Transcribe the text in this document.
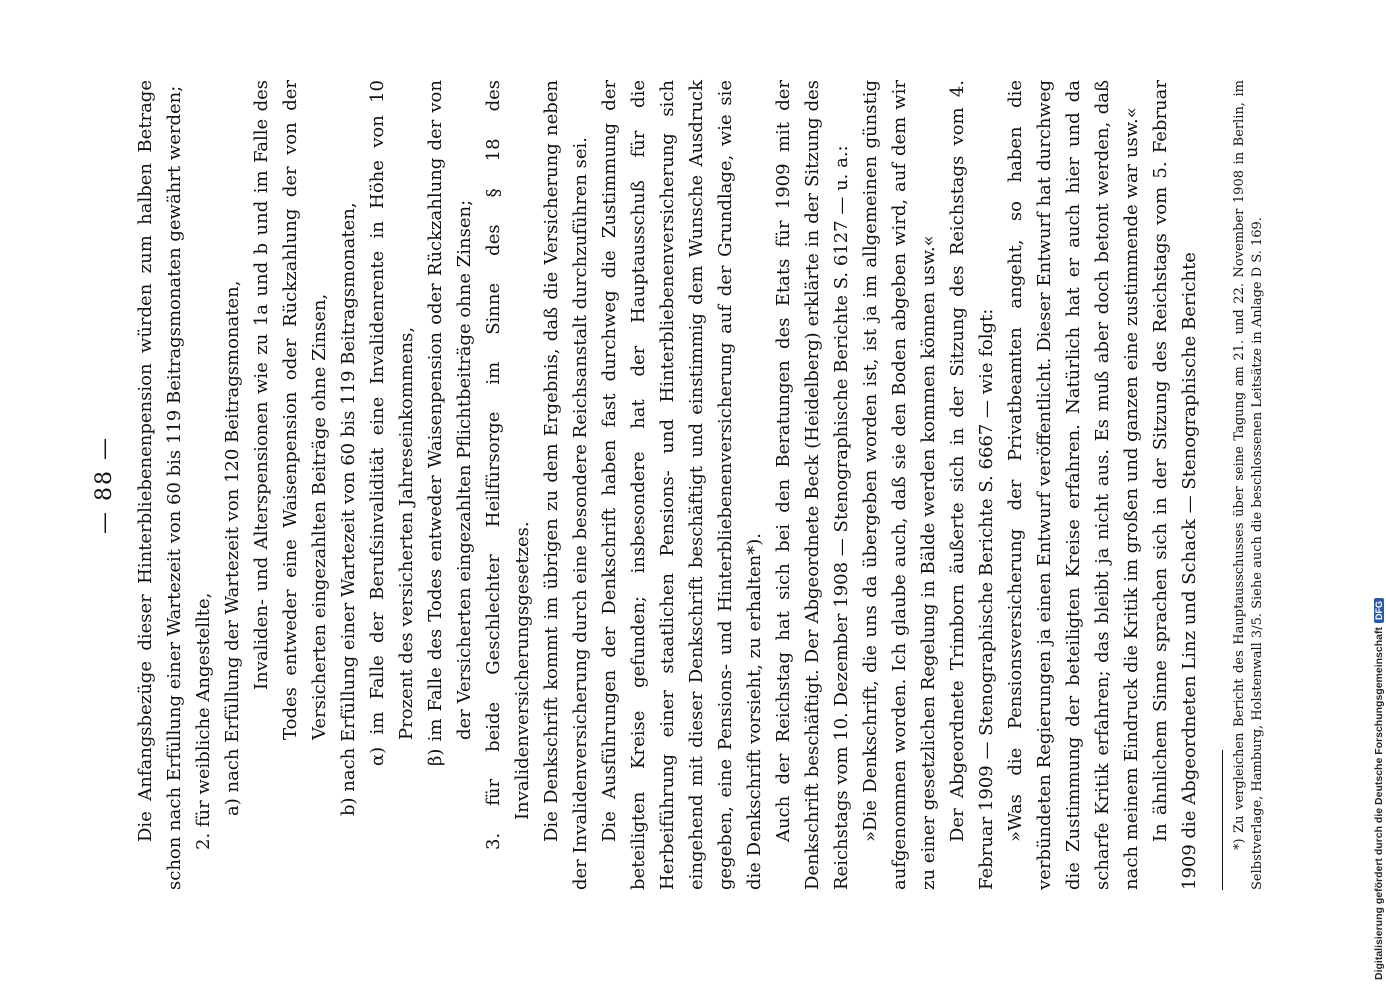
— 88 — Die Anfangsbezüge dieser Hinterbliebenenpension würden zum halben Betrage schon nach Erfüllung einer Wartezeit von 60 bis 119 Beitragsmonaten gewährt werden; 2. für weibliche Angestellte, a) nach Erfüllung der Wartezeit von 120 Beitragsmonaten, Invaliden- und Alterspensionen wie zu 1a und b und im Falle des Todes entweder eine Waisenpension oder Rückzahlung der von der Versicherten eingezahlten Beiträge ohne Zinsen, b) nach Erfüllung einer Wartezeit von 60 bis 119 Beitragsmonaten, α) im Falle der Berufsinvalidität eine Invalidenrente in Höhe von 10 Prozent des versicherten Jahreseinkommens, β) im Falle des Todes entweder Waisenpension oder Rückzahlung der von der Versicherten eingezahlten Pflichtbeiträge ohne Zinsen; 3. für beide Geschlechter Heilfürsorge im Sinne des § 18 des Invalidenversicherungsgesetzes. Die Denkschrift kommt im übrigen zu dem Ergebnis, daß die Versicherung neben der Invalidenversicherung durch eine besondere Reichsanstalt durchzuführen sei. Die Ausführungen der Denkschrift haben fast durchweg die Zustimmung der beteiligten Kreise gefunden; insbesondere hat der Hauptausschuß für die Herbeiführung einer staatlichen Pensions- und Hinterbliebenenversicherung sich eingehend mit dieser Denkschrift beschäftigt und einstimmig dem Wunsche Ausdruck gegeben, eine Pensions- und Hinterbliebenenversicherung auf der Grundlage, wie sie die Denkschrift vorsieht, zu erhalten*). Auch der Reichstag hat sich bei den Beratungen des Etats für 1909 mit der Denkschrift beschäftigt. Der Abgeordnete Beck (Heidelberg) erklärte in der Sitzung des Reichstags vom 10. Dezember 1908 — Stenographische Berichte S. 6127 — u. a.: »Die Denkschrift, die uns da übergeben worden ist, ist ja im allgemeinen günstig aufgenommen worden. Ich glaube auch, daß sie den Boden abgeben wird, auf dem wir zu einer gesetzlichen Regelung in Bälde werden kommen können usw.« Der Abgeordnete Trimborn äußerte sich in der Sitzung des Reichstags vom 4. Februar 1909 — Stenographische Berichte S. 6667 — wie folgt: »Was die Pensionsversicherung der Privatbeamten angeht, so haben die verbündeten Regierungen ja einen Entwurf veröffentlicht. Dieser Entwurf hat durchweg die Zustimmung der beteiligten Kreise erfahren. Natürlich hat er auch hier und da scharfe Kritik erfahren; das bleibt ja nicht aus. Es muß aber doch betont werden, daß nach meinem Eindruck die Kritik im großen und ganzen eine zustimmende war usw.« In ähnlichem Sinne sprachen sich in der Sitzung des Reichstags vom 5. Februar 1909 die Abgeordneten Linz und Schack — Stenographische Berichte	*) Zu vergleichen Bericht des Hauptausschusses über seine Tagung am 21. und 22. November 1908 in Berlin, im Selbstverlage, Hamburg, Holstenwall 3/5. Siehe auch die beschlossenen Leitsätze in Anlage D S. 169.	Digitalisierung gefördert durch die Deutsche Forschungsgemeinschaft
DFG
